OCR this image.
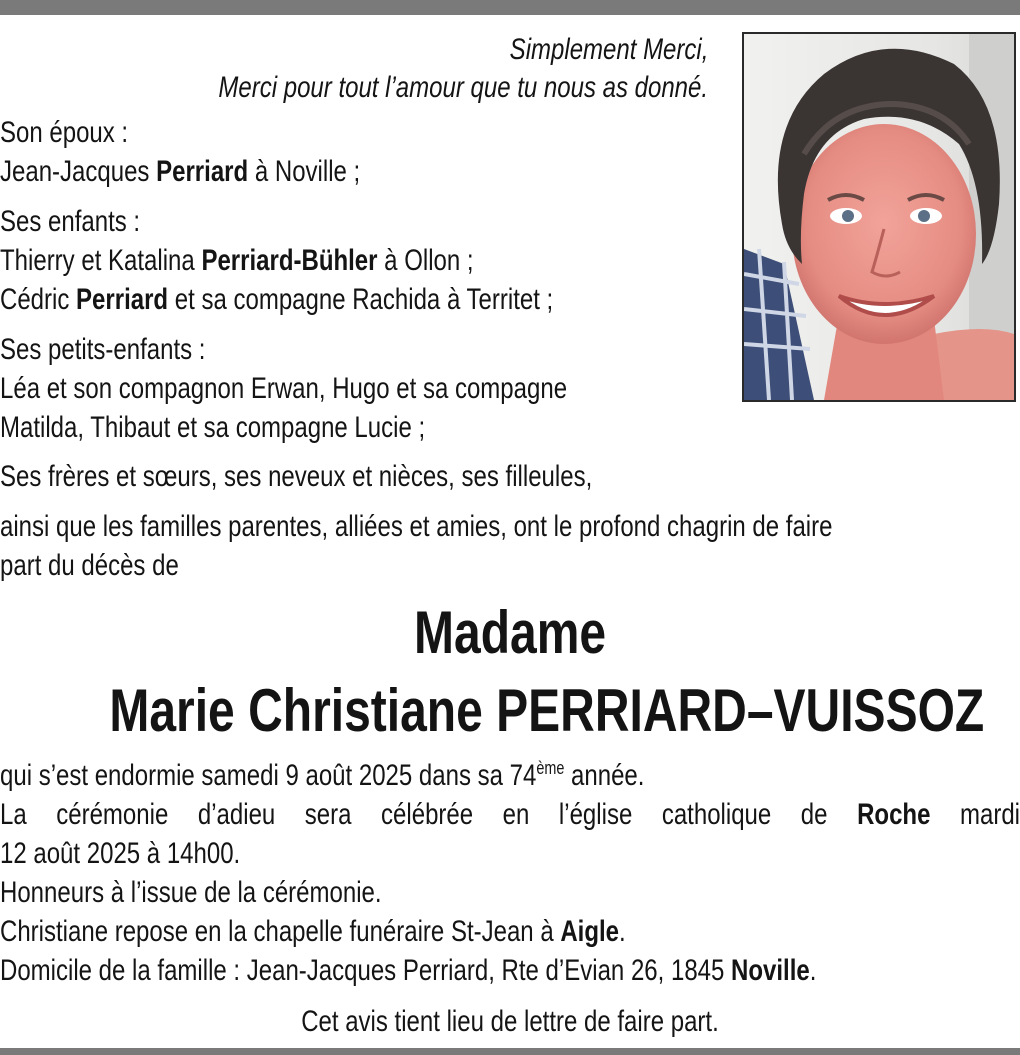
Simplement Merci,

Merci pour tout l’amour que tu nous as donné.

Son époux :

Jean-Jacques Perriard à Noville ;

Ses enfants :

Thierry et Katalina Perriard-Bühler à Ollon ;

Cédric Perriard et sa compagne Rachida à Territet ;

Ses petits-enfants :

Léa et son compagnon Erwan, Hugo et sa compagne

Matilda, Thibaut et sa compagne Lucie ;

Ses frères et sœurs, ses neveux et nièces, ses filleules,

ainsi que les familles parentes, alliées et amies, ont le profond chagrin de faire

part du décès de

Madame

Marie Christiane PERRIARD–VUISSOZ

qui s’est endormie samedi 9 août 2025 dans sa 74ème année.

La cérémonie d’adieu sera célébrée en l’église catholique de Roche mardi

12 août 2025 à 14h00.

Honneurs à l’issue de la cérémonie.

Christiane repose en la chapelle funéraire St-Jean à Aigle.

Domicile de la famille : Jean-Jacques Perriard, Rte d’Evian 26, 1845 Noville.

Cet avis tient lieu de lettre de faire part.
